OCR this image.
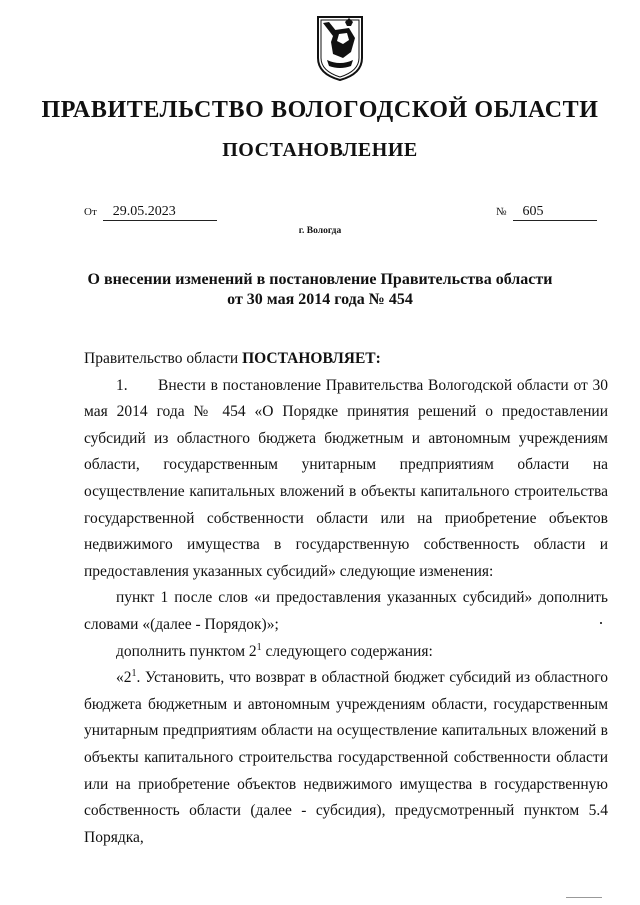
ПРАВИТЕЛЬСТВО ВОЛОГОДСКОЙ ОБЛАСТИ
ПОСТАНОВЛЕНИЕ
От 29.05.2023	№ 605
г. Вологда
О внесении изменений в постановление Правительства области
от 30 мая 2014 года № 454

Правительство области ПОСТАНОВЛЯЕТ:

1. Внести в постановление Правительства Вологодской области от 30 мая 2014 года № 454 «О Порядке принятия решений о предоставлении субсидий из областного бюджета бюджетным и автономным учреждениям области, государственным унитарным предприятиям области на осуществление капитальных вложений в объекты капитального строительства государственной собственности области или на приобретение объектов недвижимого имущества в государственную собственность области и предоставления указанных субсидий» следующие изменения:

пункт 1 после слов «и предоставления указанных субсидий» дополнить словами «(далее - Порядок)»;

дополнить пунктом $2^1$ следующего содержания:

«$2^1$. Установить, что возврат в областной бюджет субсидий из областного бюджета бюджетным и автономным учреждениям области, государственным унитарным предприятиям области на осуществление капитальных вложений в объекты капитального строительства государственной собственности области или на приобретение объектов недвижимого имущества в государственную собственность области (далее - субсидия), предусмотренный пунктом 5.4 Порядка,
